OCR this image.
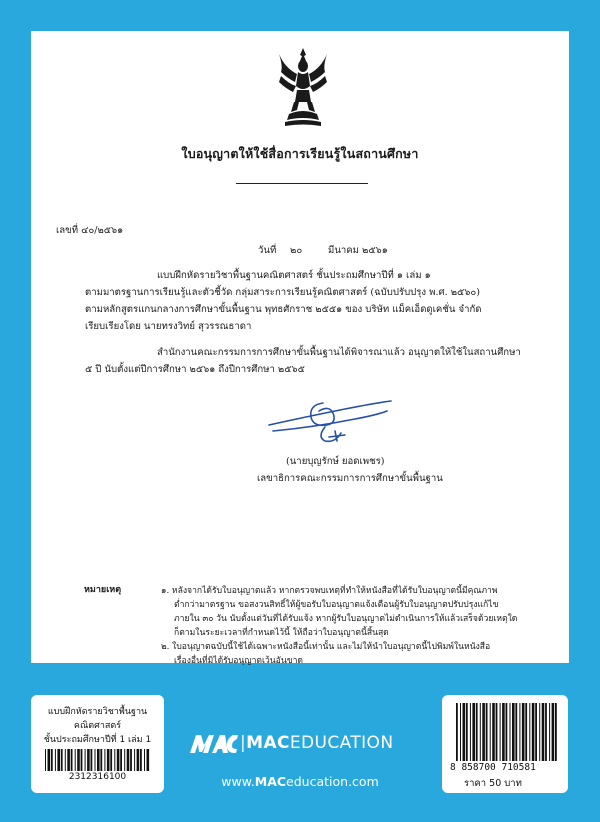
ใบอนุญาตให้ใช้สื่อการเรียนรู้ในสถานศึกษา
เลขที่ ๔๐/๒๕๖๑
วันที่ ๒๐	มีนาคม ๒๕๖๑
แบบฝึกหัดรายวิชาพื้นฐานคณิตศาสตร์ ชั้นประถมศึกษาปีที่ ๑ เล่ม ๑
ตามมาตรฐานการเรียนรู้และตัวชี้วัด กลุ่มสาระการเรียนรู้คณิตศาสตร์ (ฉบับปรับปรุง พ.ศ. ๒๕๖๐)
ตามหลักสูตรแกนกลางการศึกษาขั้นพื้นฐาน พุทธศักราช ๒๕๕๑ ของ บริษัท แม็คเอ็ดดูเคชั่น จำกัด
เรียบเรียงโดย นายทรงวิทย์ สุวรรณธาดา
สำนักงานคณะกรรมการการศึกษาขั้นพื้นฐานได้พิจารณาแล้ว อนุญาตให้ใช้ในสถานศึกษา
๕ ปี นับตั้งแต่ปีการศึกษา ๒๕๖๑ ถึงปีการศึกษา ๒๕๖๕
(นายบุญรักษ์ ยอดเพชร)
เลขาธิการคณะกรรมการการศึกษาขั้นพื้นฐาน
หมายเหตุ	๑. หลังจากได้รับใบอนุญาตแล้ว หากตรวจพบเหตุที่ทำให้หนังสือที่ได้รับใบอนุญาตนี้มีคุณภาพ
ต่ำกว่ามาตรฐาน ขอสงวนสิทธิ์ให้ผู้ขอรับใบอนุญาตแจ้งเตือนผู้รับใบอนุญาตปรับปรุงแก้ไข
ภายใน ๓๐ วัน นับตั้งแต่วันที่ได้รับแจ้ง หากผู้รับใบอนุญาตไม่ดำเนินการให้แล้วเสร็จด้วยเหตุใด
ก็ตามในระยะเวลาที่กำหนดไว้นี้ ให้ถือว่าใบอนุญาตนี้สิ้นสุด
๒. ใบอนุญาตฉบับนี้ใช้ได้เฉพาะหนังสือนี้เท่านั้น และไม่ให้นำใบอนุญาตนี้ไปพิมพ์ในหนังสือ
เรื่องอื่นที่มิได้รับอนุญาตเว้นอันขาด
แบบฝึกหัดรายวิชาพื้นฐาน
คณิตศาสตร์
ชั้นประถมศึกษาปีที่ 1 เล่ม 1
2312316100
|MACEDUCATION
www.MACeducation.com
8 858700 710581
ราคา 50 บาท
